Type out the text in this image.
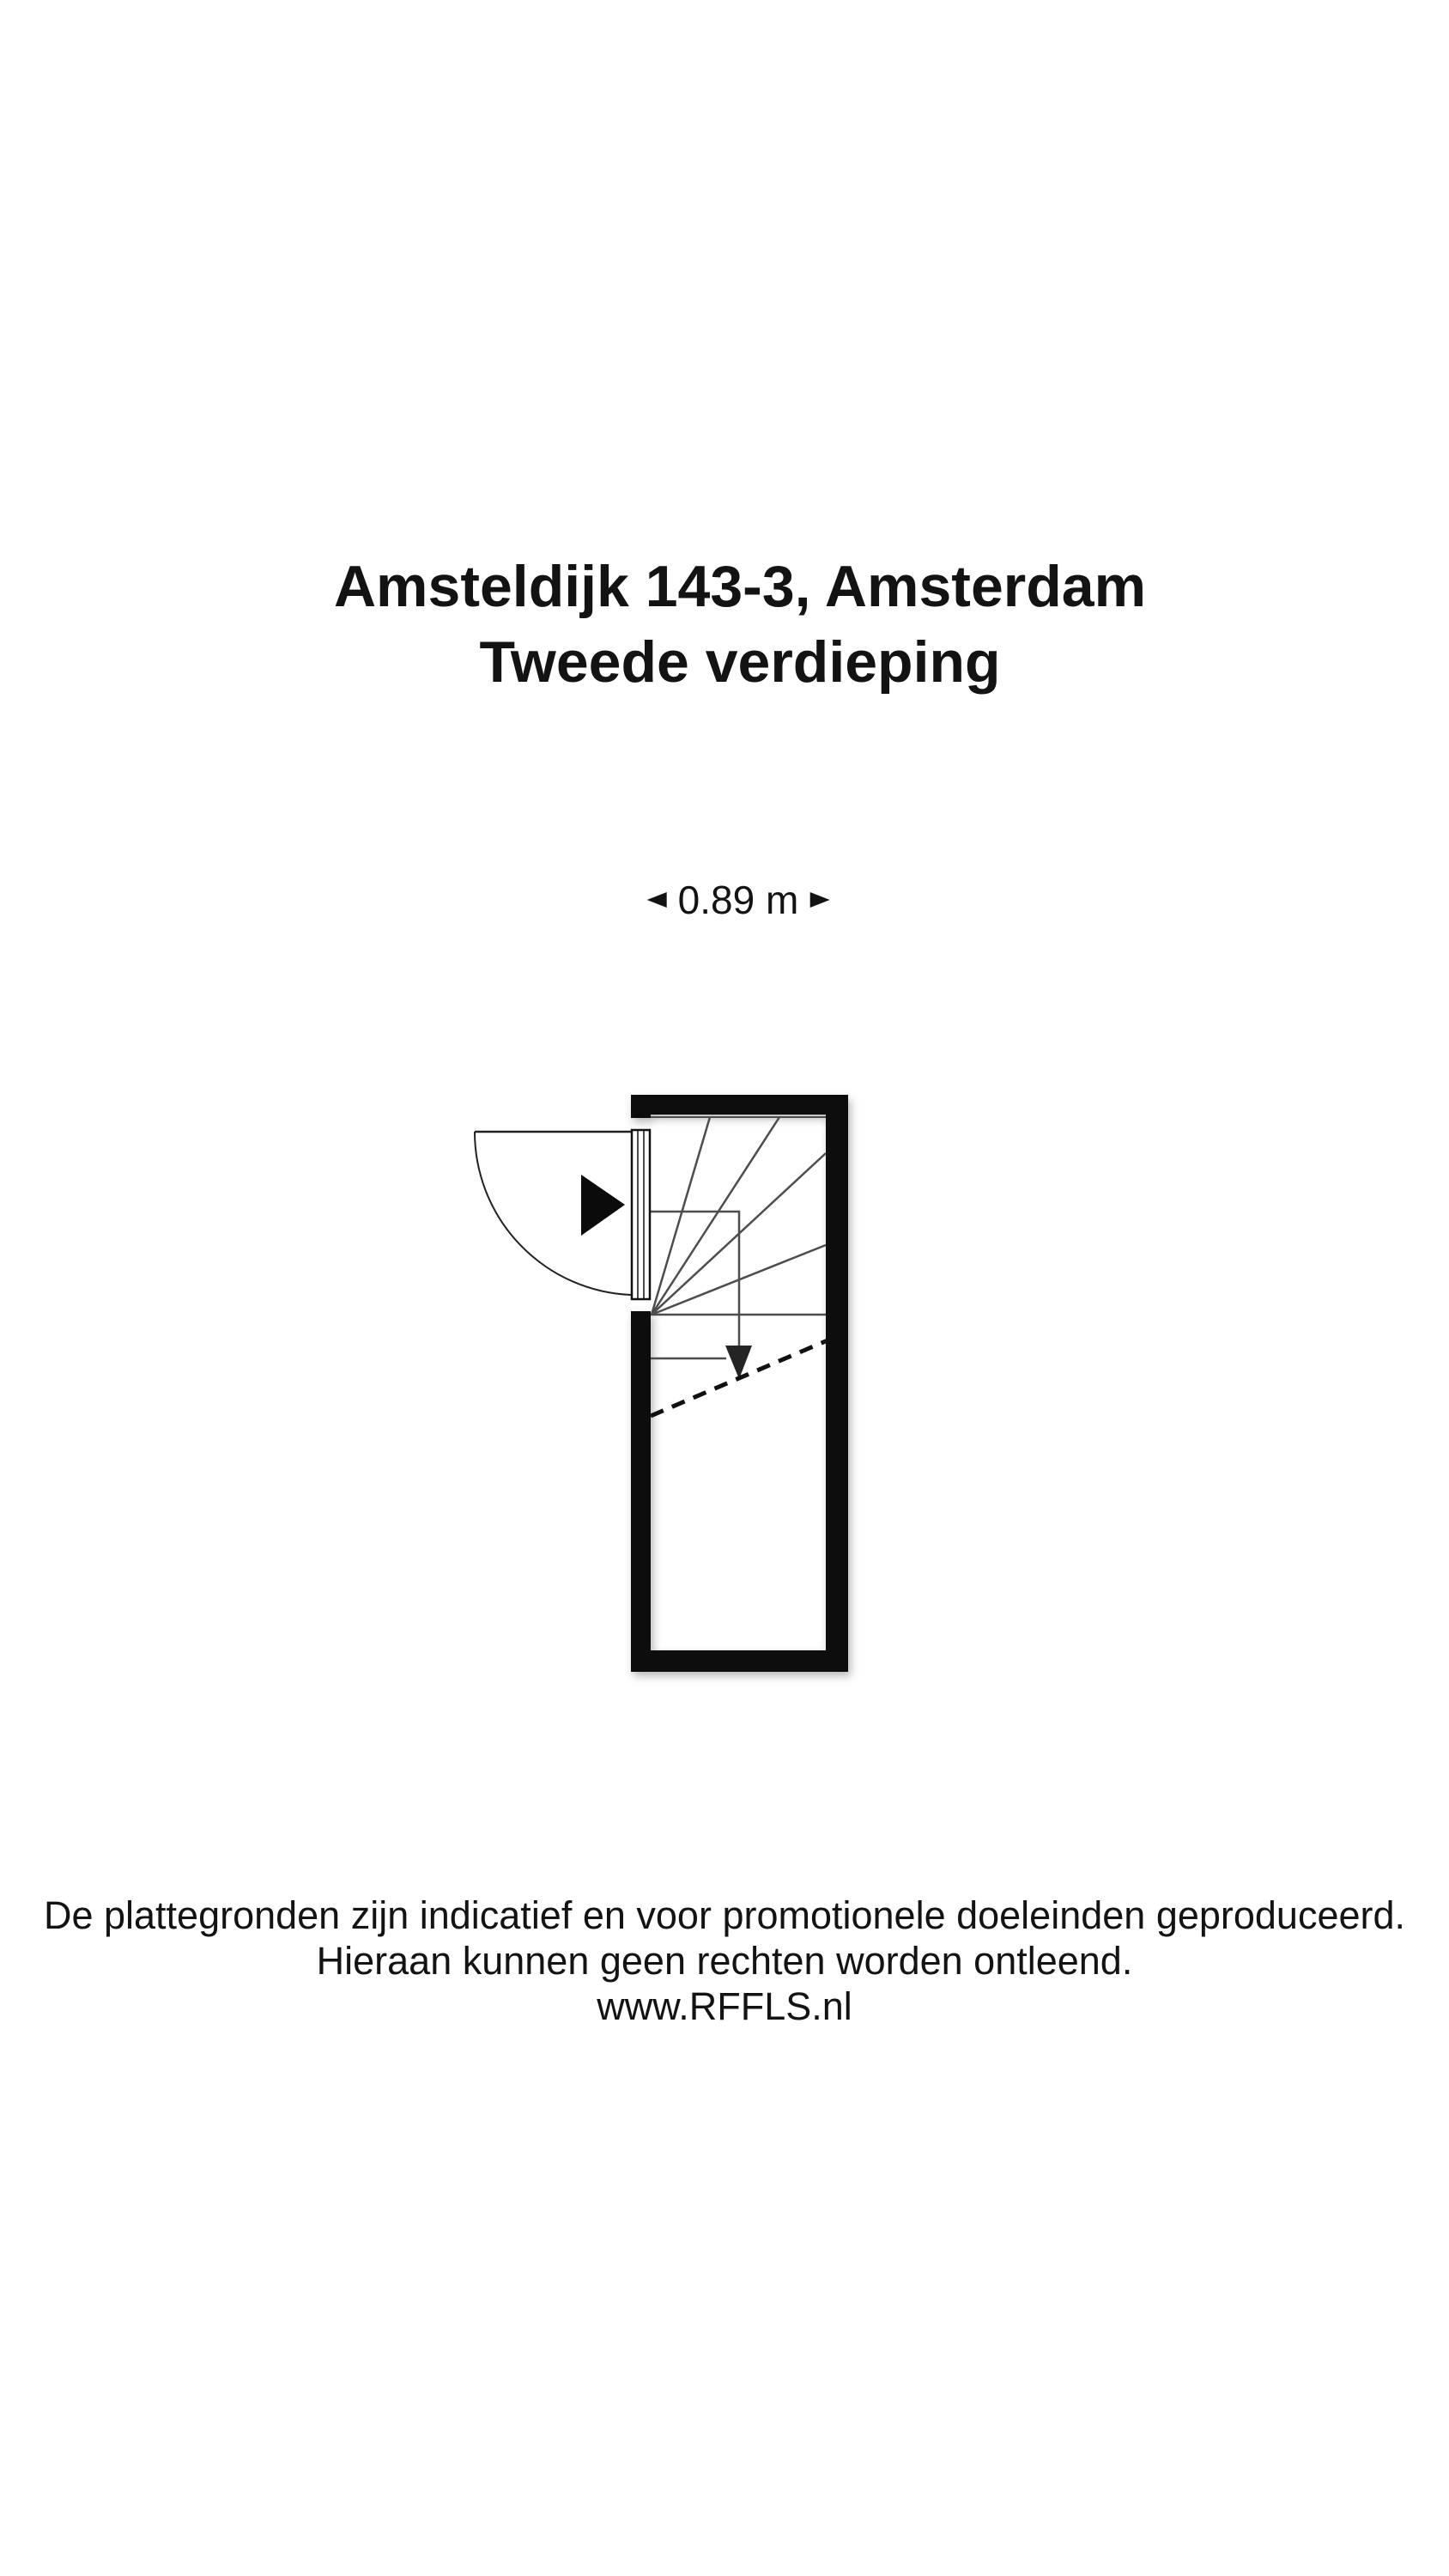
Amsteldijk 143-3, Amsterdam
Tweede verdieping
0.89 m
De plattegronden zijn indicatief en voor promotionele doeleinden geproduceerd.
Hieraan kunnen geen rechten worden ontleend.
www.RFFLS.nl
